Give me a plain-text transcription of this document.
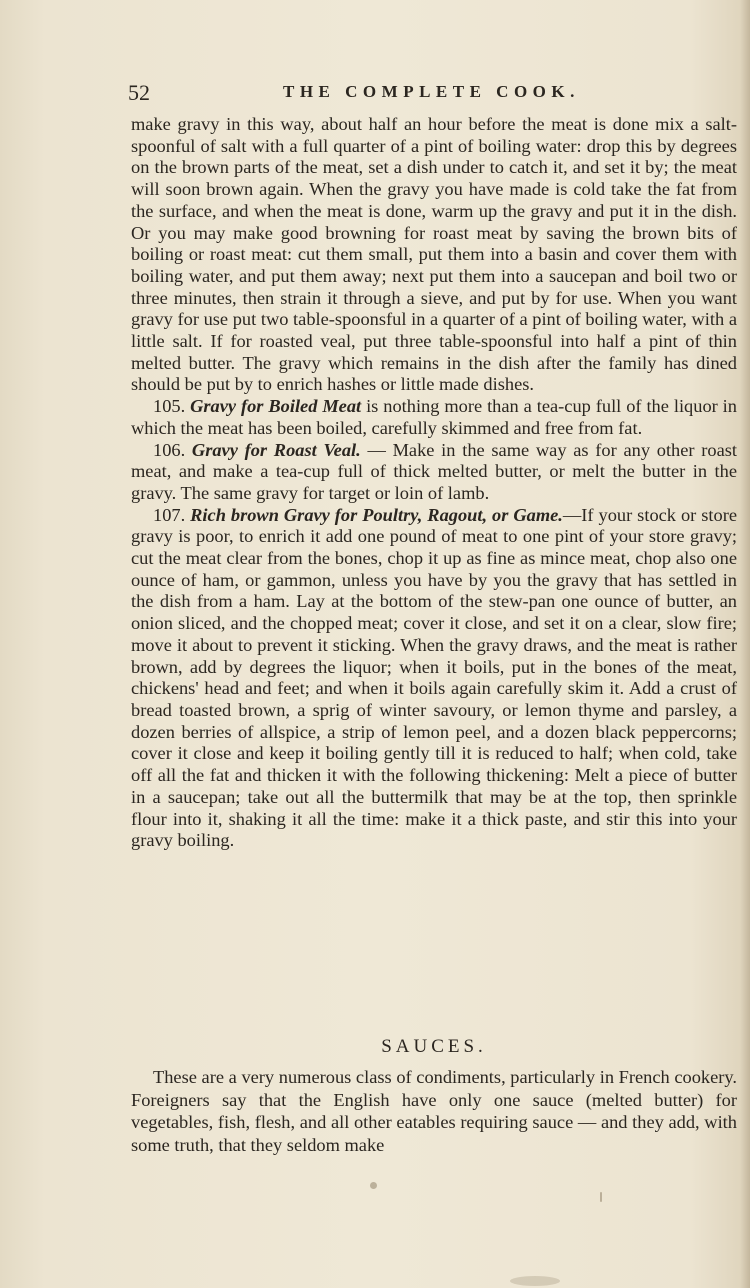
52	THE COMPLETE COOK.

make gravy in this way, about half an hour before the meat is done mix a salt-spoonful of salt with a full quarter of a pint of boiling water: drop this by degrees on the brown parts of the meat, set a dish under to catch it, and set it by; the meat will soon brown again. When the gravy you have made is cold take the fat from the surface, and when the meat is done, warm up the gravy and put it in the dish. Or you may make good browning for roast meat by saving the brown bits of boiling or roast meat: cut them small, put them into a basin and cover them with boiling water, and put them away; next put them into a saucepan and boil two or three minutes, then strain it through a sieve, and put by for use. When you want gravy for use put two table-spoonsful in a quarter of a pint of boiling water, with a little salt. If for roasted veal, put three table-spoonsful into half a pint of thin melted butter. The gravy which remains in the dish after the family has dined should be put by to enrich hashes or little made dishes.

105. Gravy for Boiled Meat is nothing more than a tea-cup full of the liquor in which the meat has been boiled, carefully skimmed and free from fat.

106. Gravy for Roast Veal. — Make in the same way as for any other roast meat, and make a tea-cup full of thick melted butter, or melt the butter in the gravy. The same gravy for target or loin of lamb.

107. Rich brown Gravy for Poultry, Ragout, or Game.—If your stock or store gravy is poor, to enrich it add one pound of meat to one pint of your store gravy; cut the meat clear from the bones, chop it up as fine as mince meat, chop also one ounce of ham, or gammon, unless you have by you the gravy that has settled in the dish from a ham. Lay at the bottom of the stew-pan one ounce of butter, an onion sliced, and the chopped meat; cover it close, and set it on a clear, slow fire; move it about to prevent it sticking. When the gravy draws, and the meat is rather brown, add by degrees the liquor; when it boils, put in the bones of the meat, chickens' head and feet; and when it boils again carefully skim it. Add a crust of bread toasted brown, a sprig of winter savoury, or lemon thyme and parsley, a dozen berries of allspice, a strip of lemon peel, and a dozen black peppercorns; cover it close and keep it boiling gently till it is reduced to half; when cold, take off all the fat and thicken it with the following thickening: Melt a piece of butter in a saucepan; take out all the buttermilk that may be at the top, then sprinkle flour into it, shaking it all the time: make it a thick paste, and stir this into your gravy boiling.

SAUCES.

These are a very numerous class of condiments, particularly in French cookery. Foreigners say that the English have only one sauce (melted butter) for vegetables, fish, flesh, and all other eatables requiring sauce — and they add, with some truth, that they seldom make
